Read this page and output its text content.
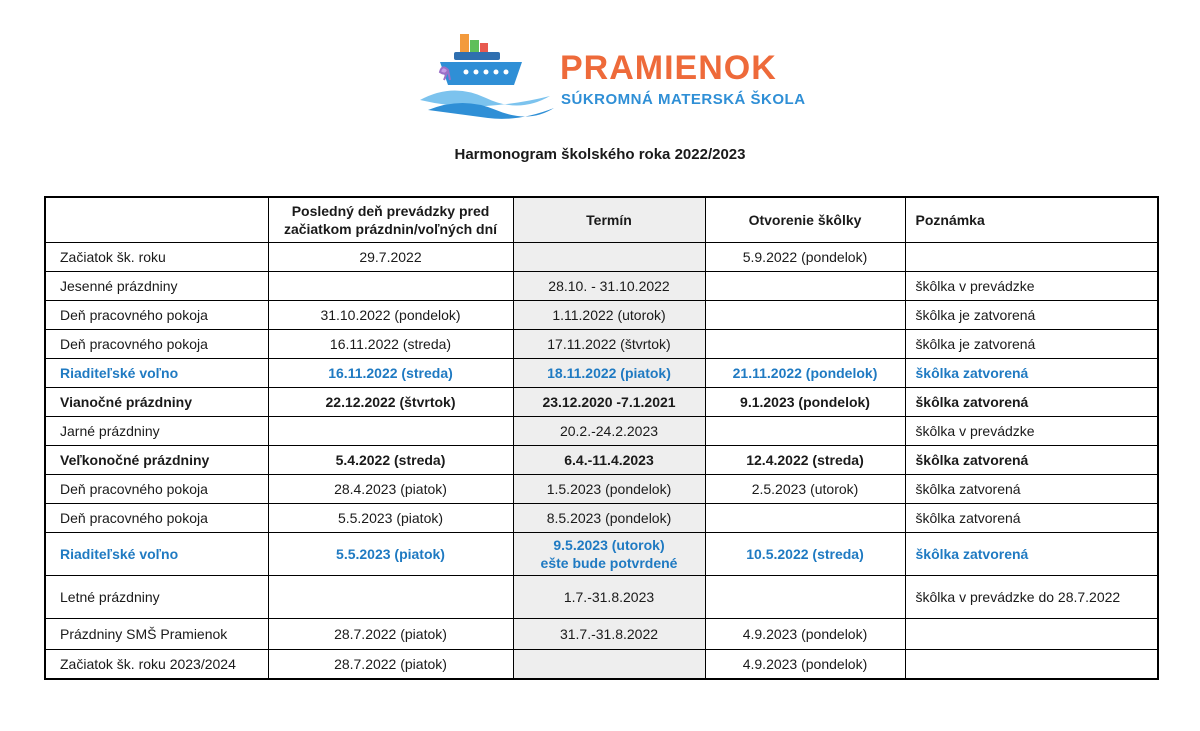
PRAMIENOK
SÚKROMNÁ MATERSKÁ ŠKOLA
Harmonogram školského roka 2022/2023

	Posledný deň prevádzky pred
začiatkom prázdnin/voľných dní	Termín	Otvorenie škôlky	Poznámka
Začiatok šk. roku	29.7.2022		5.9.2022 (pondelok)	
Jesenné prázdniny		28.10. - 31.10.2022		škôlka v prevádzke
Deň pracovného pokoja	31.10.2022 (pondelok)	1.11.2022 (utorok)		škôlka je zatvorená
Deň pracovného pokoja	16.11.2022 (streda)	17.11.2022 (štvrtok)		škôlka je zatvorená
Riaditeľské voľno	16.11.2022 (streda)	18.11.2022 (piatok)	21.11.2022 (pondelok)	škôlka zatvorená
Vianočné prázdniny	22.12.2022 (štvrtok)	23.12.2020 -7.1.2021	9.1.2023 (pondelok)	škôlka zatvorená
Jarné prázdniny		20.2.-24.2.2023		škôlka v prevádzke
Veľkonočné prázdniny	5.4.2022 (streda)	6.4.-11.4.2023	12.4.2022 (streda)	škôlka zatvorená
Deň pracovného pokoja	28.4.2023 (piatok)	1.5.2023 (pondelok)	2.5.2023 (utorok)	škôlka zatvorená
Deň pracovného pokoja	5.5.2023 (piatok)	8.5.2023 (pondelok)		škôlka zatvorená
Riaditeľské voľno	5.5.2023 (piatok)	9.5.2023 (utorok)
ešte bude potvrdené	10.5.2022 (streda)	škôlka zatvorená
Letné prázdniny		1.7.-31.8.2023		škôlka v prevádzke do 28.7.2022
Prázdniny SMŠ Pramienok	28.7.2022 (piatok)	31.7.-31.8.2022	4.9.2023 (pondelok)	
Začiatok šk. roku 2023/2024	28.7.2022 (piatok)		4.9.2023 (pondelok)	
